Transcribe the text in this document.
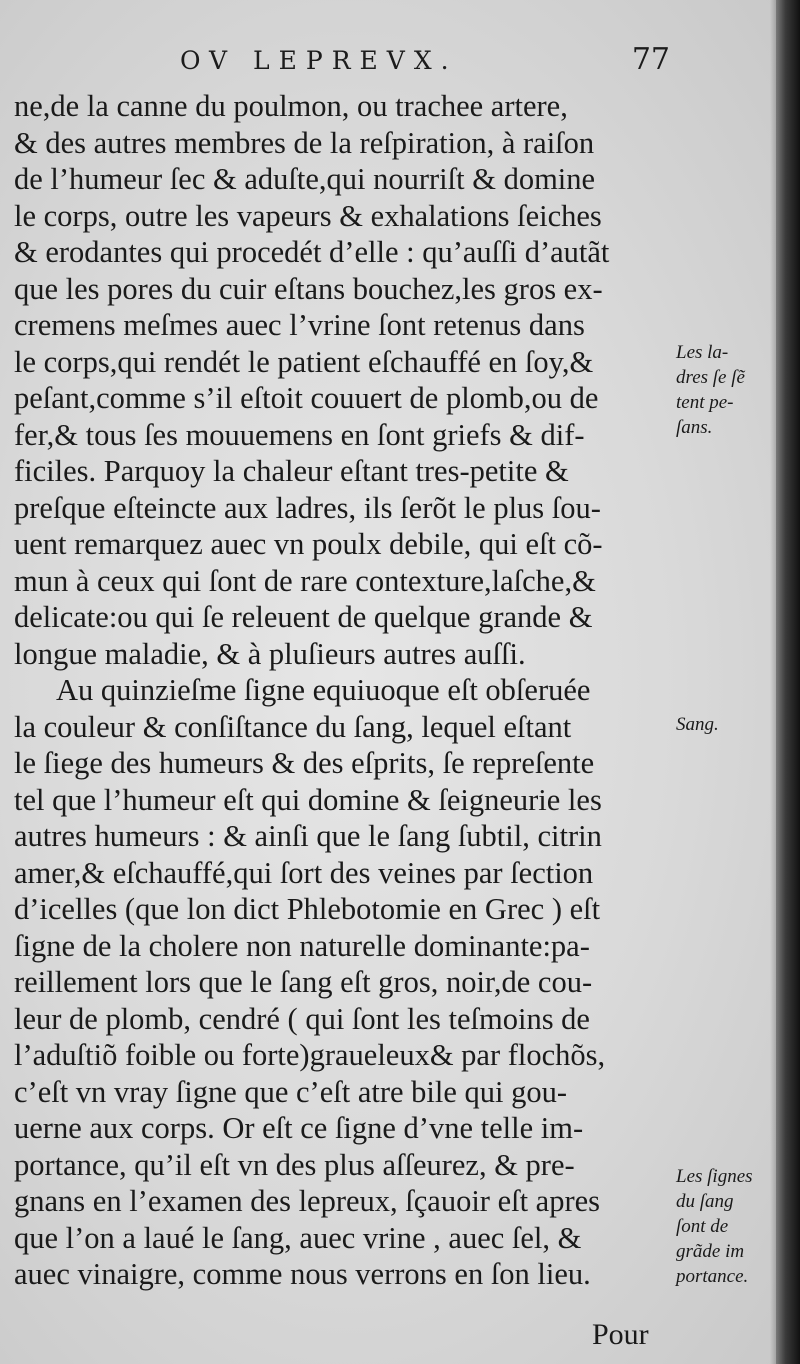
OV LEPREVX.	77
ne,de la canne du poulmon, ou trachee artere,
& des autres membres de la reſpiration, à raiſon
de l’humeur ſec & aduſte,qui nourriſt & domine
le corps, outre les vapeurs & exhalations ſeiches
& erodantes qui procedét d’elle : qu’auſſi d’autãt
que les pores du cuir eſtans bouchez,les gros ex-
cremens meſmes auec l’vrine ſont retenus dans
le corps,qui rendét le patient eſchauffé en ſoy,&
peſant,comme s’il eſtoit couuert de plomb,ou de
fer,& tous ſes mouuemens en ſont griefs & dif-
ficiles. Parquoy la chaleur eſtant tres-petite &
preſque eſteincte aux ladres, ils ſerõt le plus ſou-
uent remarquez auec vn poulx debile, qui eſt cõ-
mun à ceux qui ſont de rare contexture,laſche,&
delicate:ou qui ſe releuent de quelque grande &
longue maladie, & à pluſieurs autres auſſi.
Au quinzieſme ſigne equiuoque eſt obſeruée
la couleur & conſiſtance du ſang, lequel eſtant
le ſiege des humeurs & des eſprits, ſe repreſente
tel que l’humeur eſt qui domine & ſeigneurie les
autres humeurs : & ainſi que le ſang ſubtil, citrin
amer,& eſchauffé,qui ſort des veines par ſection
d’icelles (que lon dict Phlebotomie en Grec ) eſt
ſigne de la cholere non naturelle dominante:pa-
reillement lors que le ſang eſt gros, noir,de cou-
leur de plomb, cendré ( qui ſont les teſmoins de
l’aduſtiõ foible ou forte)graueleux& par flochõs,
c’eſt vn vray ſigne que c’eſt atre bile qui gou-
uerne aux corps. Or eſt ce ſigne d’vne telle im-
portance, qu’il eſt vn des plus aſſeurez, & pre-
gnans en l’examen des lepreux, ſçauoir eſt apres
que l’on a laué le ſang, auec vrine , auec ſel, &
auec vinaigre, comme nous verrons en ſon lieu.
Pour
Les la-
dres ſe ſẽ
tent pe-
ſans.
Sang.
Les ſignes
du ſang
ſont de
grãde im
portance.
